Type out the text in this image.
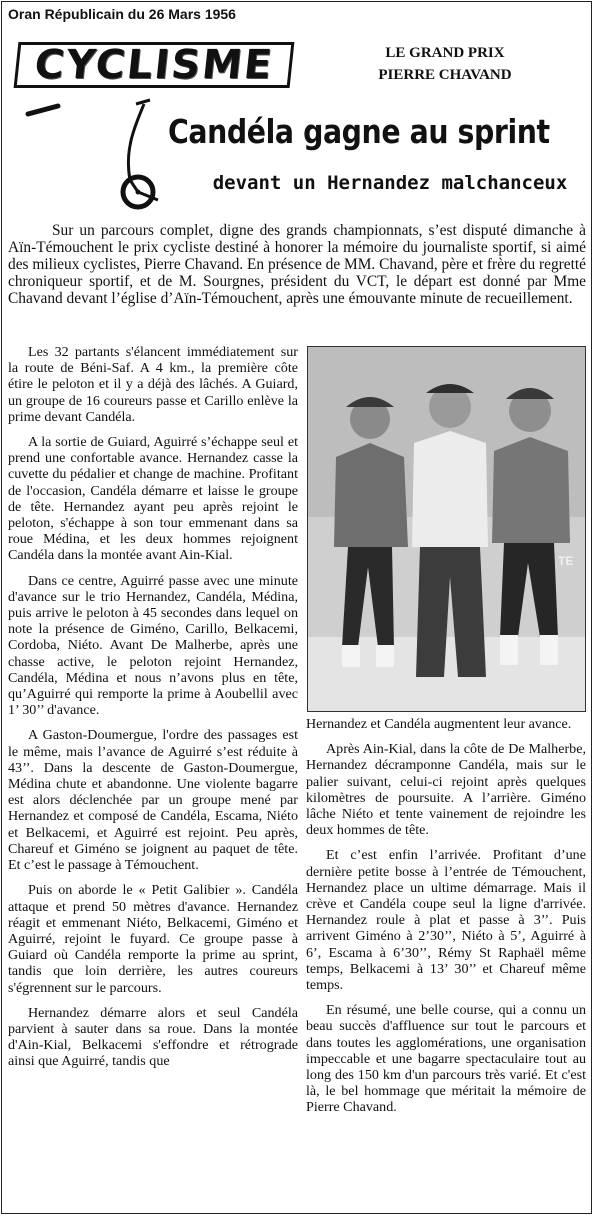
Oran Républicain du 26 Mars 1956
CYCLISME	LE GRAND PRIX
PIERRE CHAVAND
Candéla gagne au sprint
devant un Hernandez malchanceux

Sur un parcours complet, digne des grands championnats, s’est disputé dimanche à Aïn-Témouchent le prix cycliste destiné à honorer la mémoire du journaliste sportif, si aimé des milieux cyclistes, Pierre Chavand. En présence de MM. Chavand, père et frère du regretté chroniqueur sportif, et de M. Sourgnes, président du VCT, le départ est donné par Mme Chavand devant l’église d’Aïn-Témouchent, après une émouvante minute de recueillement.

Les 32 partants s'élancent immédiatement sur la route de Béni-Saf. A 4 km., la première côte étire le peloton et il y a déjà des lâchés. A Guiard, un groupe de 16 coureurs passe et Carillo enlève la prime devant Candéla.

A la sortie de Guiard, Aguirré s’échappe seul et prend une confortable avance. Hernandez casse la cuvette du pédalier et change de machine. Profitant de l'occasion, Candéla démarre et laisse le groupe de tête. Hernandez ayant peu après rejoint le peloton, s'échappe à son tour emmenant dans sa roue Médina, et les deux hommes rejoignent Candéla dans la montée avant Ain-Kial.

Dans ce centre, Aguirré passe avec une minute d'avance sur le trio Hernandez, Candéla, Médina, puis arrive le peloton à 45 secondes dans lequel on note la présence de Giméno, Carillo, Belkacemi, Cordoba, Niéto. Avant De Malherbe, après une chasse active, le peloton rejoint Hernandez, Candéla, Médina et nous n’avons plus en tête, qu’Aguirré qui remporte la prime à Aoubellil avec 1’ 30’’ d'avance.

A Gaston-Doumergue, l'ordre des passages est le même, mais l’avance de Aguirré s’est réduite à 43’’. Dans la descente de Gaston-Doumergue, Médina chute et abandonne. Une violente bagarre est alors déclenchée par un groupe mené par Hernandez et composé de Candéla, Escama, Niéto et Belkacemi, et Aguirré est rejoint. Peu après, Chareuf et Giméno se joignent au paquet de tête. Et c’est le passage à Témouchent.

Puis on aborde le « Petit Galibier ». Candéla attaque et prend 50 mètres d'avance. Hernandez réagit et emmenant Niéto, Belkacemi, Giméno et Aguirré, rejoint le fuyard. Ce groupe passe à Guiard où Candéla remporte la prime au sprint, tandis que loin derrière, les autres coureurs s'égrennent sur le parcours.

Hernandez démarre alors et seul Candéla parvient à sauter dans sa roue. Dans la montée d'Ain-Kial, Belkacemi s'effondre et rétrograde ainsi que Aguirré, tandis que

TE

Hernandez et Candéla augmentent leur avance.

Après Ain-Kial, dans la côte de De Malherbe, Hernandez décramponne Candéla, mais sur le palier suivant, celui-ci rejoint après quelques kilomètres de poursuite. A l’arrière. Giméno lâche Niéto et tente vainement de rejoindre les deux hommes de tête.

Et c’est enfin l’arrivée. Profitant d’une dernière petite bosse à l’entrée de Témouchent, Hernandez place un ultime démarrage. Mais il crève et Candéla coupe seul la ligne d'arrivée. Hernandez roule à plat et passe à 3’’. Puis arrivent Giméno à 2’30’’, Niéto à 5’, Aguirré à 6’, Escama à 6’30’’, Rémy St Raphaël même temps, Belkacemi à 13’ 30’’ et Chareuf même temps.

En résumé, une belle course, qui a connu un beau succès d'affluence sur tout le parcours et dans toutes les agglomérations, une organisation impeccable et une bagarre spectaculaire tout au long des 150 km d'un parcours très varié. Et c'est là, le bel hommage que méritait la mémoire de Pierre Chavand.
